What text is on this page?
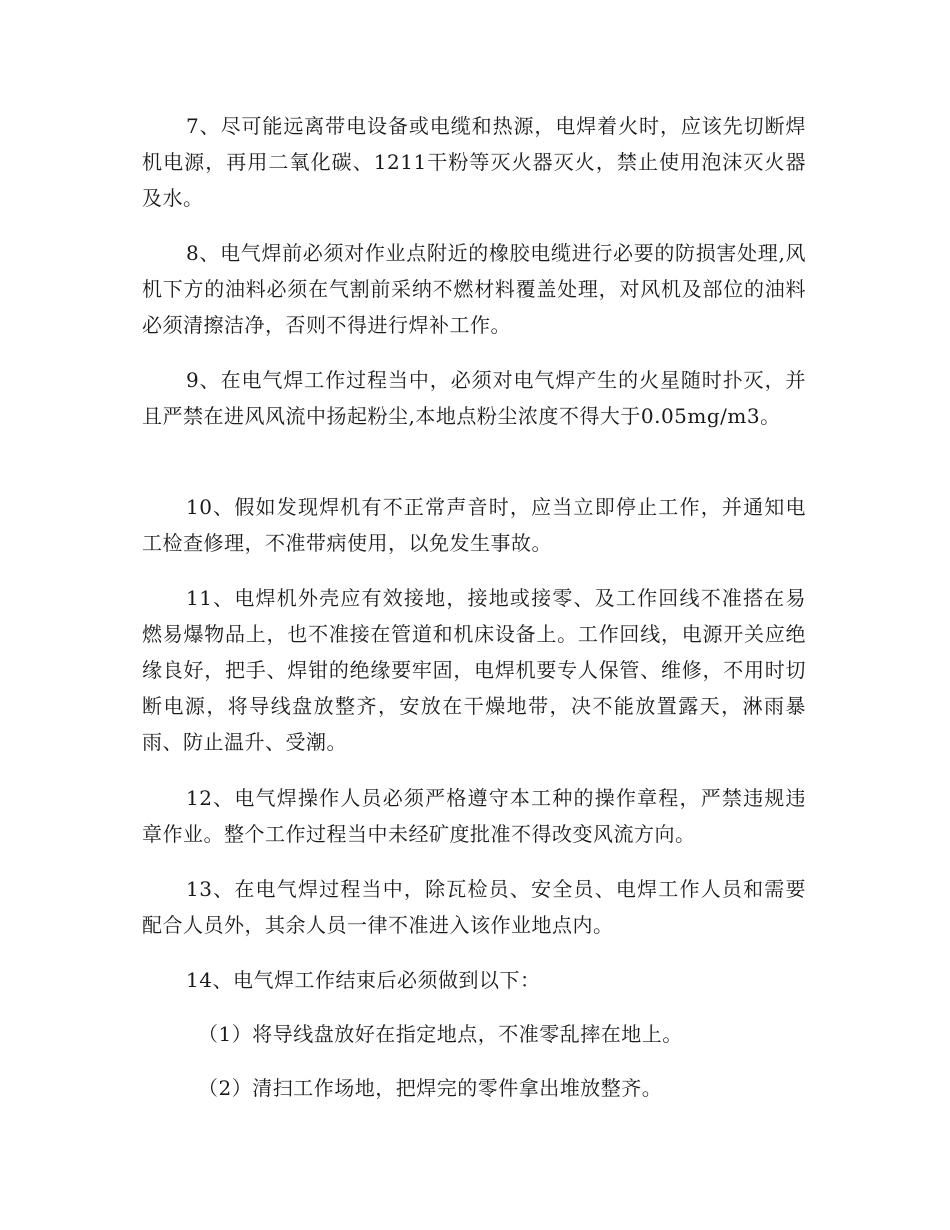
7、尽可能远离带电设备或电缆和热源，电焊着火时，应该先切断焊机电源，再用二氧化碳、1211干粉等灭火器灭火，禁止使用泡沫灭火器及水。

8、电气焊前必须对作业点附近的橡胶电缆进行必要的防损害处理,风机下方的油料必须在气割前采纳不燃材料覆盖处理，对风机及部位的油料必须清擦洁净，否则不得进行焊补工作。

9、在电气焊工作过程当中，必须对电气焊产生的火星随时扑灭，并且严禁在进风风流中扬起粉尘,本地点粉尘浓度不得大于0.05mg/m3。

10、假如发现焊机有不正常声音时，应当立即停止工作，并通知电工检查修理，不准带病使用，以免发生事故。

11、电焊机外壳应有效接地，接地或接零、及工作回线不准搭在易燃易爆物品上，也不准接在管道和机床设备上。工作回线，电源开关应绝缘良好，把手、焊钳的绝缘要牢固，电焊机要专人保管、维修，不用时切断电源，将导线盘放整齐，安放在干燥地带，决不能放置露天，淋雨暴雨、防止温升、受潮。

12、电气焊操作人员必须严格遵守本工种的操作章程，严禁违规违章作业。整个工作过程当中未经矿度批准不得改变风流方向。

13、在电气焊过程当中，除瓦检员、安全员、电焊工作人员和需要配合人员外，其余人员一律不准进入该作业地点内。

14、电气焊工作结束后必须做到以下：

（1）将导线盘放好在指定地点，不准零乱摔在地上。

（2）清扫工作场地，把焊完的零件拿出堆放整齐。
